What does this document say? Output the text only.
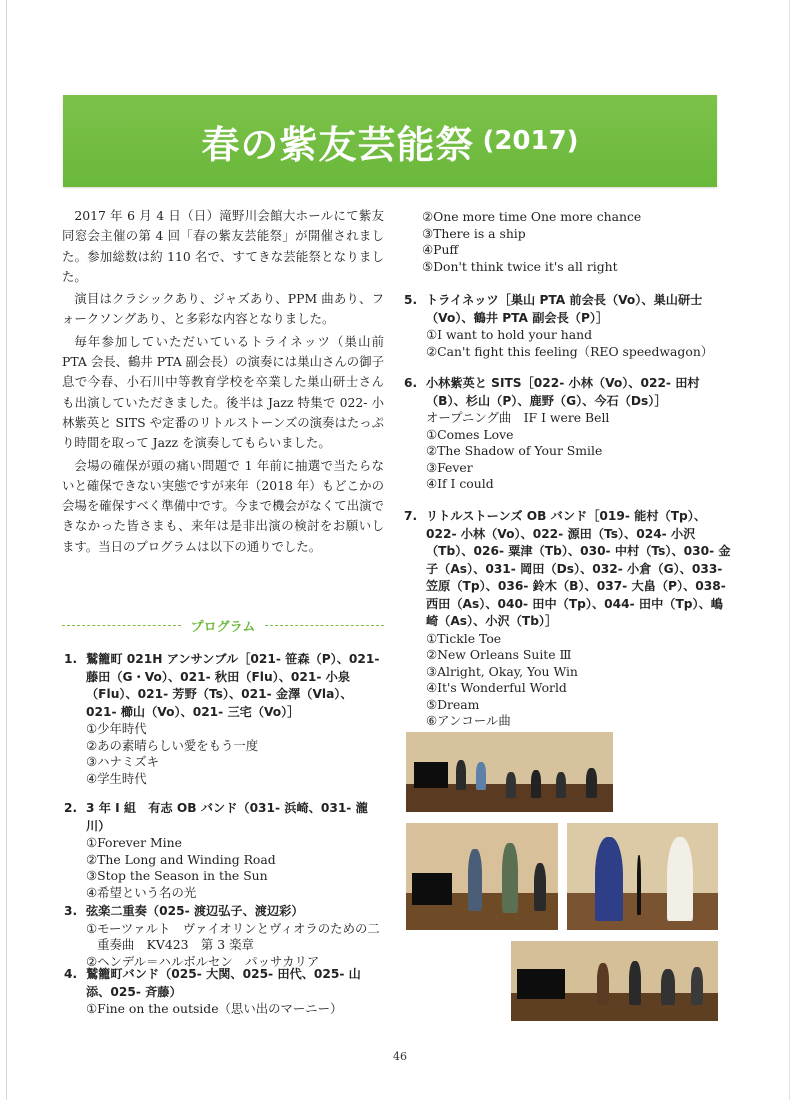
春の紫友芸能祭 (2017)

2017 年 6 月 4 日（日）滝野川会館大ホールにて紫友同窓会主催の第 4 回「春の紫友芸能祭」が開催されました。参加総数は約 110 名で、すてきな芸能祭となりました。

演目はクラシックあり、ジャズあり、PPM 曲あり、フォークソングあり、と多彩な内容となりました。

毎年参加していただいているトライネッツ（巣山前 PTA 会長、鶴井 PTA 副会長）の演奏には巣山さんの御子息で今春、小石川中等教育学校を卒業した巣山研士さんも出演していただきました。後半は Jazz 特集で 022- 小林紫英と SITS や定番のリトルストーンズの演奏はたっぷり時間を取って Jazz を演奏してもらいました。

会場の確保が頭の痛い問題で 1 年前に抽選で当たらないと確保できない実態ですが来年（2018 年）もどこかの会場を確保すべく準備中です。今まで機会がなくて出演できなかった皆さまも、来年は是非出演の検討をお願いします。当日のプログラムは以下の通りでした。

プログラム
1. 鷲籠町 021H アンサンブル［021- 笹森（P）、021- 藤田（G・Vo）、021- 秋田（Flu）、021- 小泉（Flu）、021- 芳野（Ts）、021- 金澤（Vla）、021- 櫛山（Vo）、021- 三宅（Vo）］
① 少年時代
② あの素晴らしい愛をもう一度
③ ハナミズキ
④ 学生時代
2. 3 年 I 組　有志 OB バンド（031- 浜崎、031- 瀧川）
① Forever Mine
② The Long and Winding Road
③ Stop the Season in the Sun
④ 希望という名の光
3. 弦楽二重奏（025- 渡辺弘子、渡辺彩）
① モーツァルト　ヴァイオリンとヴィオラのための二重奏曲　KV423　第 3 楽章
② ヘンデル＝ハルボルセン　パッサカリア
4. 鷲籠町バンド（025- 大関、025- 田代、025- 山添、025- 斉藤）
① Fine on the outside（思い出のマーニー）
② One more time One more chance
③ There is a ship
④ Puff
⑤ Don't think twice it's all right
5. トライネッツ［巣山 PTA 前会長（Vo）、巣山研士（Vo）、鶴井 PTA 副会長（P）］
① I want to hold your hand
② Can't fight this feeling（REO speedwagon）
6. 小林紫英と SITS［022- 小林（Vo）、022- 田村（B）、杉山（P）、鹿野（G）、今石（Ds）］
オープニング曲　IF I were Bell
① Comes Love
② The Shadow of Your Smile
③ Fever
④ If I could
7. リトルストーンズ OB バンド［019- 能村（Tp）、022- 小林（Vo）、022- 源田（Ts）、024- 小沢（Tb）、026- 粟津（Tb）、030- 中村（Ts）、030- 金子（As）、031- 岡田（Ds）、032- 小倉（G）、033- 笠原（Tp）、036- 鈴木（B）、037- 大畠（P）、038- 西田（As）、040- 田中（Tp）、044- 田中（Tp）、嶋崎（As）、小沢（Tb）］
① Tickle Toe
② New Orleans Suite Ⅲ
③ Alright, Okay, You Win
④ It's Wonderful World
⑤ Dream
⑥ アンコール曲
46
